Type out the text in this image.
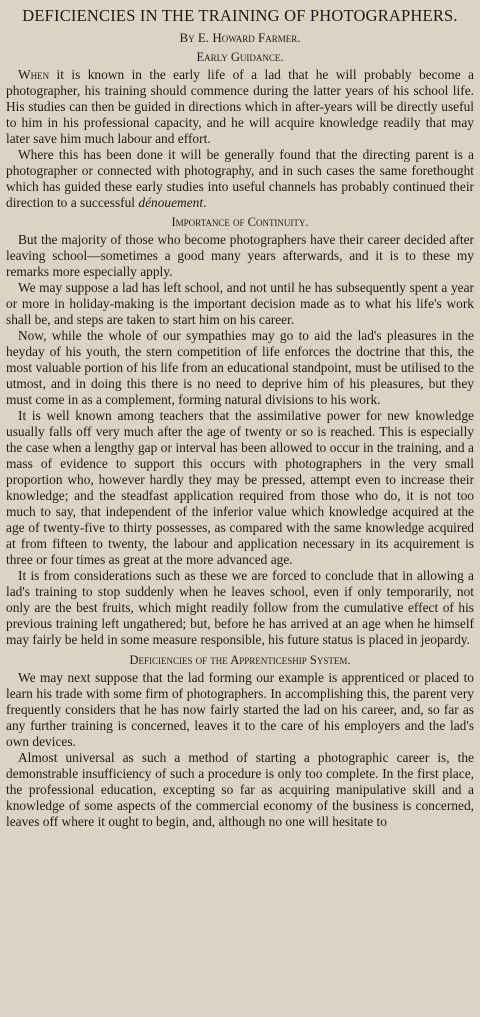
DEFICIENCIES IN THE TRAINING OF PHOTOGRAPHERS.
By E. Howard Farmer.
Early Guidance.

When it is known in the early life of a lad that he will probably become a photographer, his training should commence during the latter years of his school life. His studies can then be guided in directions which in after-years will be directly useful to him in his professional capacity, and he will acquire knowledge readily that may later save him much labour and effort.

Where this has been done it will be generally found that the directing parent is a photographer or connected with photography, and in such cases the same forethought which has guided these early studies into useful channels has probably continued their direction to a successful dénouement.

Importance of Continuity.

But the majority of those who become photographers have their career decided after leaving school—sometimes a good many years afterwards, and it is to these my remarks more especially apply.

We may suppose a lad has left school, and not until he has subsequently spent a year or more in holiday-making is the important decision made as to what his life's work shall be, and steps are taken to start him on his career.

Now, while the whole of our sympathies may go to aid the lad's pleasures in the heyday of his youth, the stern competition of life enforces the doctrine that this, the most valuable portion of his life from an educational standpoint, must be utilised to the utmost, and in doing this there is no need to deprive him of his pleasures, but they must come in as a complement, forming natural divisions to his work.

It is well known among teachers that the assimilative power for new knowledge usually falls off very much after the age of twenty or so is reached. This is especially the case when a lengthy gap or interval has been allowed to occur in the training, and a mass of evidence to support this occurs with photographers in the very small proportion who, however hardly they may be pressed, attempt even to increase their knowledge; and the steadfast application required from those who do, it is not too much to say, that independent of the inferior value which knowledge acquired at the age of twenty-five to thirty possesses, as compared with the same knowledge acquired at from fifteen to twenty, the labour and application necessary in its acquirement is three or four times as great at the more advanced age.

It is from considerations such as these we are forced to conclude that in allowing a lad's training to stop suddenly when he leaves school, even if only temporarily, not only are the best fruits, which might readily follow from the cumulative effect of his previous training left ungathered; but, before he has arrived at an age when he himself may fairly be held in some measure responsible, his future status is placed in jeopardy.

Deficiencies of the Apprenticeship System.

We may next suppose that the lad forming our example is apprenticed or placed to learn his trade with some firm of photographers. In accomplishing this, the parent very frequently considers that he has now fairly started the lad on his career, and, so far as any further training is concerned, leaves it to the care of his employers and the lad's own devices.

Almost universal as such a method of starting a photographic career is, the demonstrable insufficiency of such a procedure is only too complete. In the first place, the professional education, excepting so far as acquiring manipulative skill and a knowledge of some aspects of the commercial economy of the business is concerned, leaves off where it ought to begin, and, although no one will hesitate to
